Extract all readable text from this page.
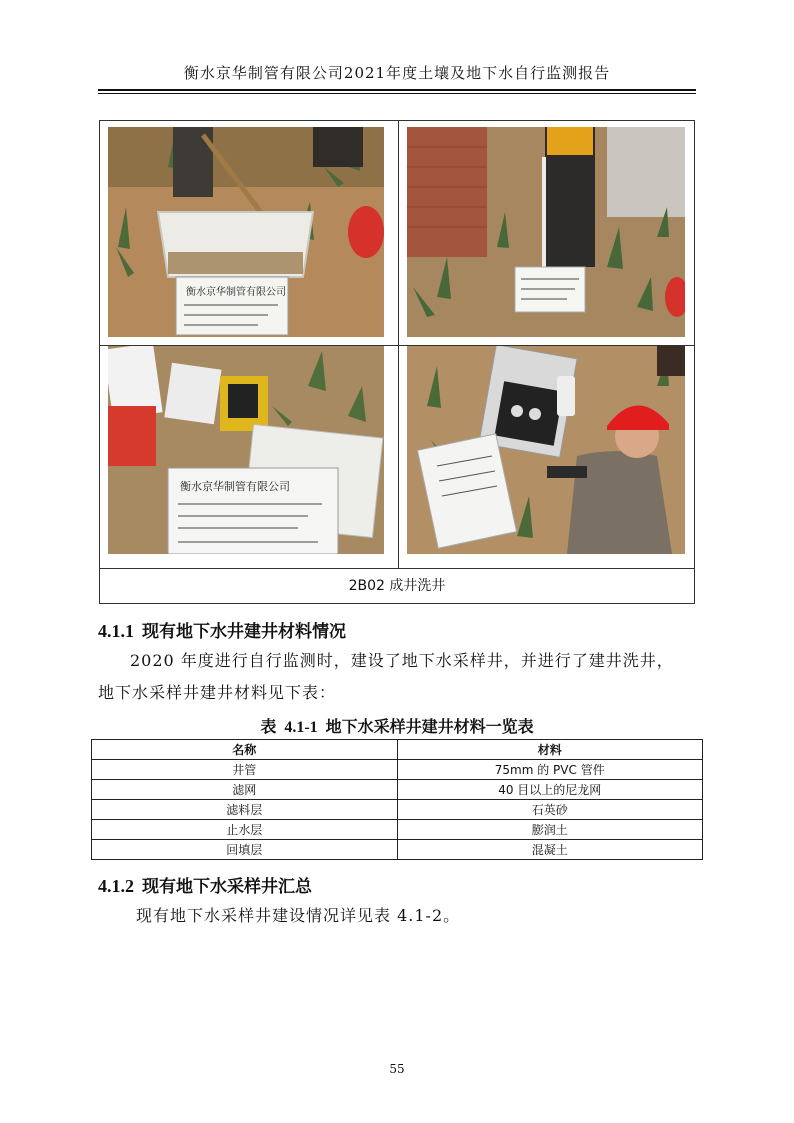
衡水京华制管有限公司2021年度土壤及地下水自行监测报告
衡水京华制管有限公司
衡水京华制管有限公司
2B02 成井洗井
4.1.1 现有地下水井建井材料情况
2020 年度进行自行监测时，建设了地下水采样井，并进行了建井洗井，
地下水采样井建井材料见下表：
表 4.1-1 地下水采样井建井材料一览表
名称	材料
井管	75mm 的 PVC 管件
滤网	40 目以上的尼龙网
滤料层	石英砂
止水层	膨润土
回填层	混凝土
4.1.2 现有地下水采样井汇总
现有地下水采样井建设情况详见表 4.1-2。
55
